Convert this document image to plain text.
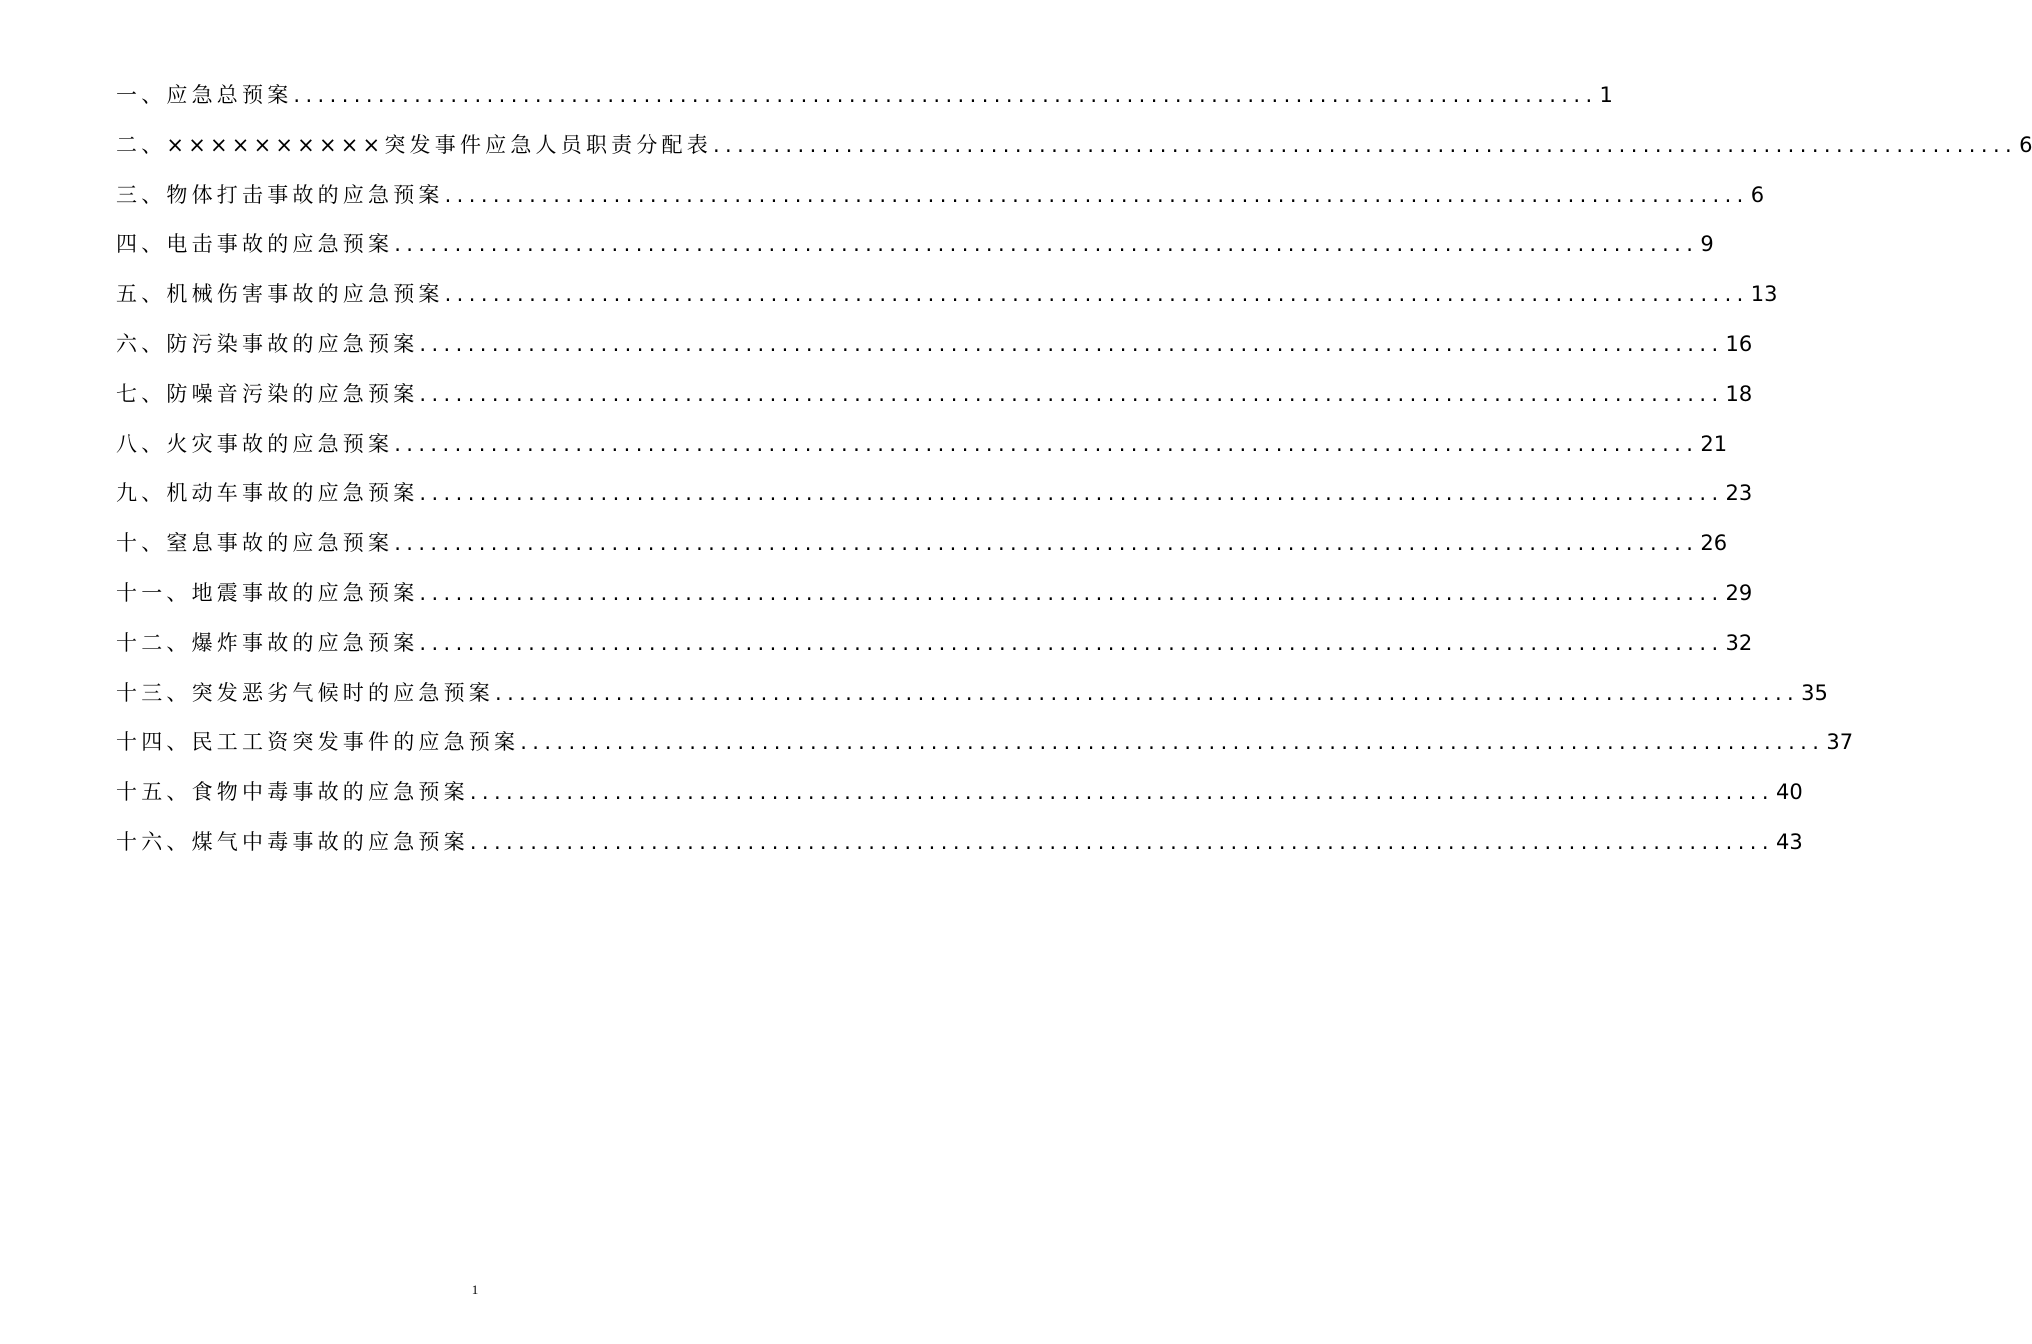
一、应急总预案 ............................................................................................................ 1
二、××××××××××突发事件应急人员职责分配表 ............................................................................................................ 6
三、物体打击事故的应急预案 ............................................................................................................ 6
四、电击事故的应急预案 ............................................................................................................ 9
五、机械伤害事故的应急预案 ............................................................................................................ 13
六、防污染事故的应急预案 ............................................................................................................ 16
七、防噪音污染的应急预案 ............................................................................................................ 18
八、火灾事故的应急预案 ............................................................................................................ 21
九、机动车事故的应急预案 ............................................................................................................ 23
十、窒息事故的应急预案 ............................................................................................................ 26
十一、地震事故的应急预案 ............................................................................................................ 29
十二、爆炸事故的应急预案 ............................................................................................................ 32
十三、突发恶劣气候时的应急预案 ............................................................................................................ 35
十四、民工工资突发事件的应急预案 ............................................................................................................ 37
十五、食物中毒事故的应急预案 ............................................................................................................ 40
十六、煤气中毒事故的应急预案 ............................................................................................................ 43
1
